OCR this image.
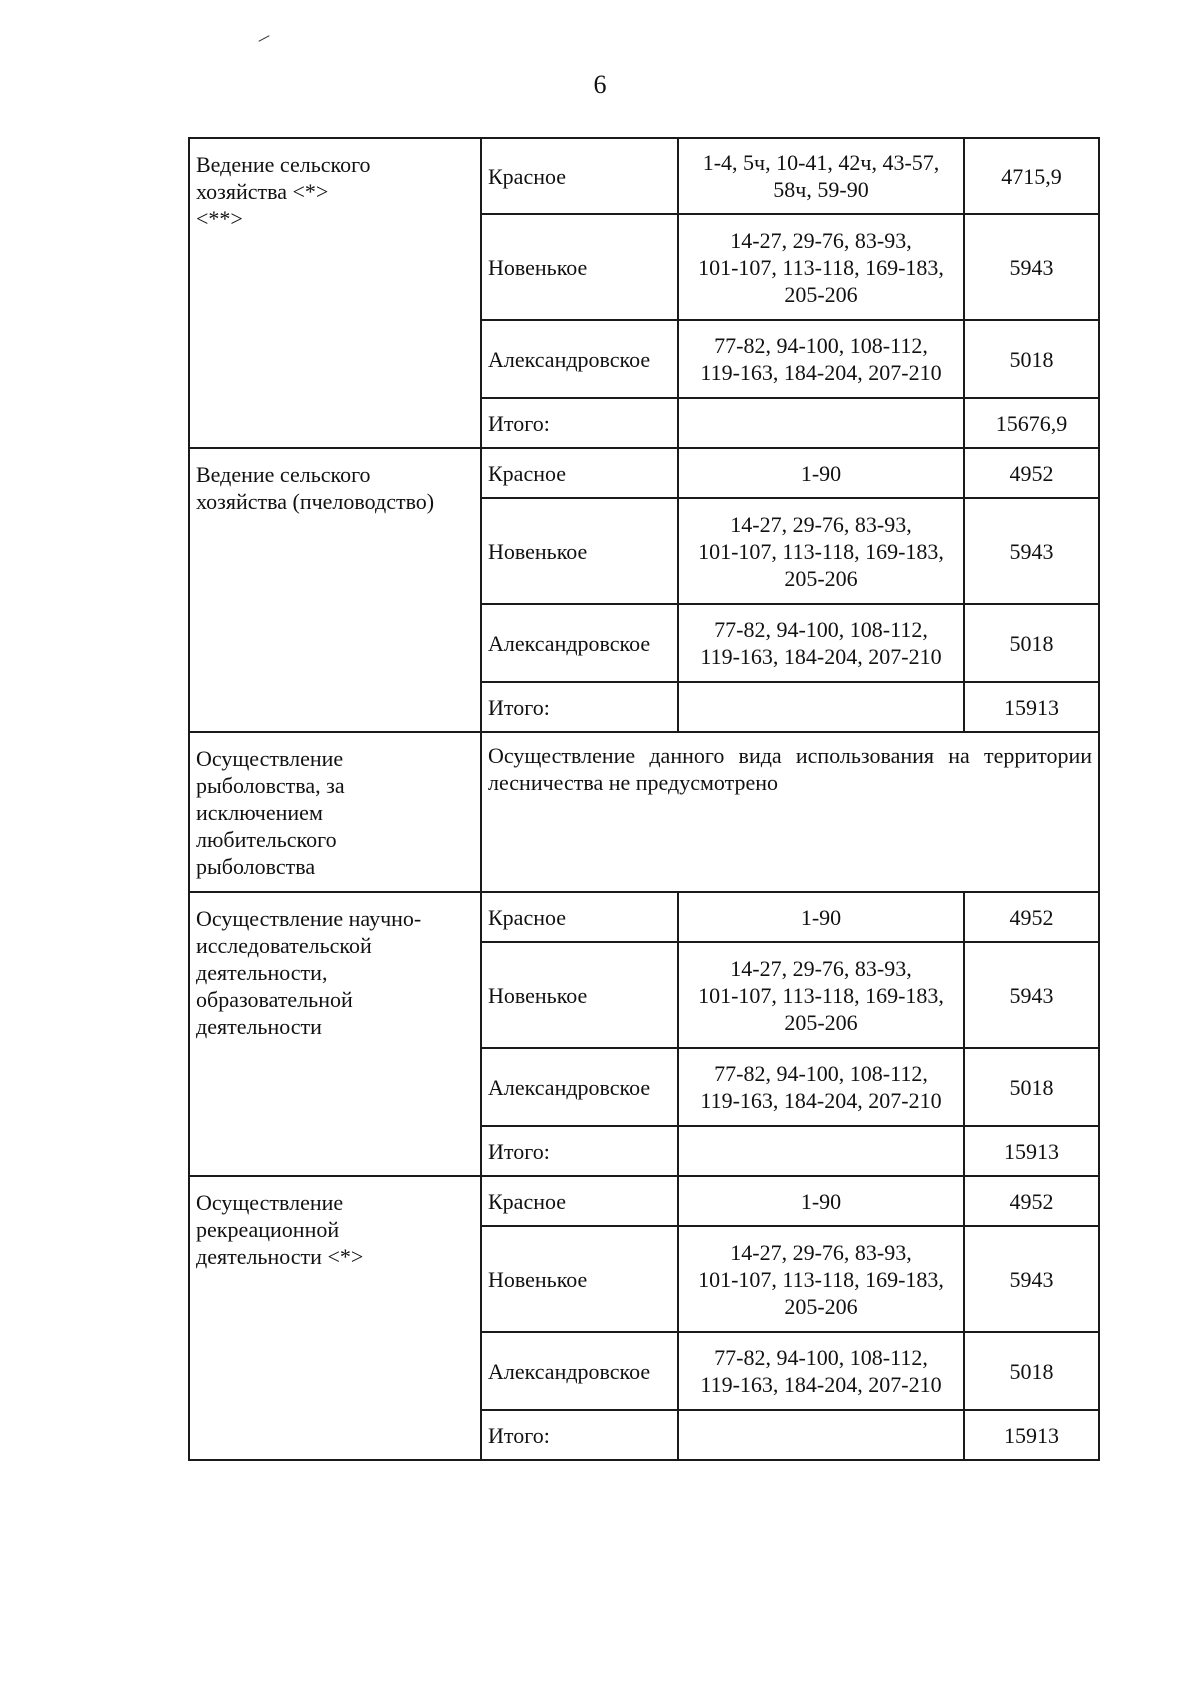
6
Ведение сельского
хозяйства <*>
<**>	Красное	1-4, 5ч, 10-41, 42ч, 43-57,
58ч, 59-90	4715,9
	Новенькое	14-27, 29-76, 83-93,
101-107, 113-118, 169-183,
205-206	5943
	Александровское	77-82, 94-100, 108-112,
119-163, 184-204, 207-210	5018
	Итого:		15676,9

Ведение сельского
хозяйства (пчеловодство)	Красное	1-90	4952
	Новенькое	14-27, 29-76, 83-93,
101-107, 113-118, 169-183,
205-206	5943
	Александровское	77-82, 94-100, 108-112,
119-163, 184-204, 207-210	5018
	Итого:		15913

Осуществление
рыболовства, за
исключением
любительского
рыболовства	Осуществление данного вида использования на территории лесничества не предусмотрено		

Осуществление научно-
исследовательской
деятельности,
образовательной
деятельности	Красное	1-90	4952
	Новенькое	14-27, 29-76, 83-93,
101-107, 113-118, 169-183,
205-206	5943
	Александровское	77-82, 94-100, 108-112,
119-163, 184-204, 207-210	5018
	Итого:		15913

Осуществление
рекреационной
деятельности <*>	Красное	1-90	4952
	Новенькое	14-27, 29-76, 83-93,
101-107, 113-118, 169-183,
205-206	5943
	Александровское	77-82, 94-100, 108-112,
119-163, 184-204, 207-210	5018
	Итого:		15913
